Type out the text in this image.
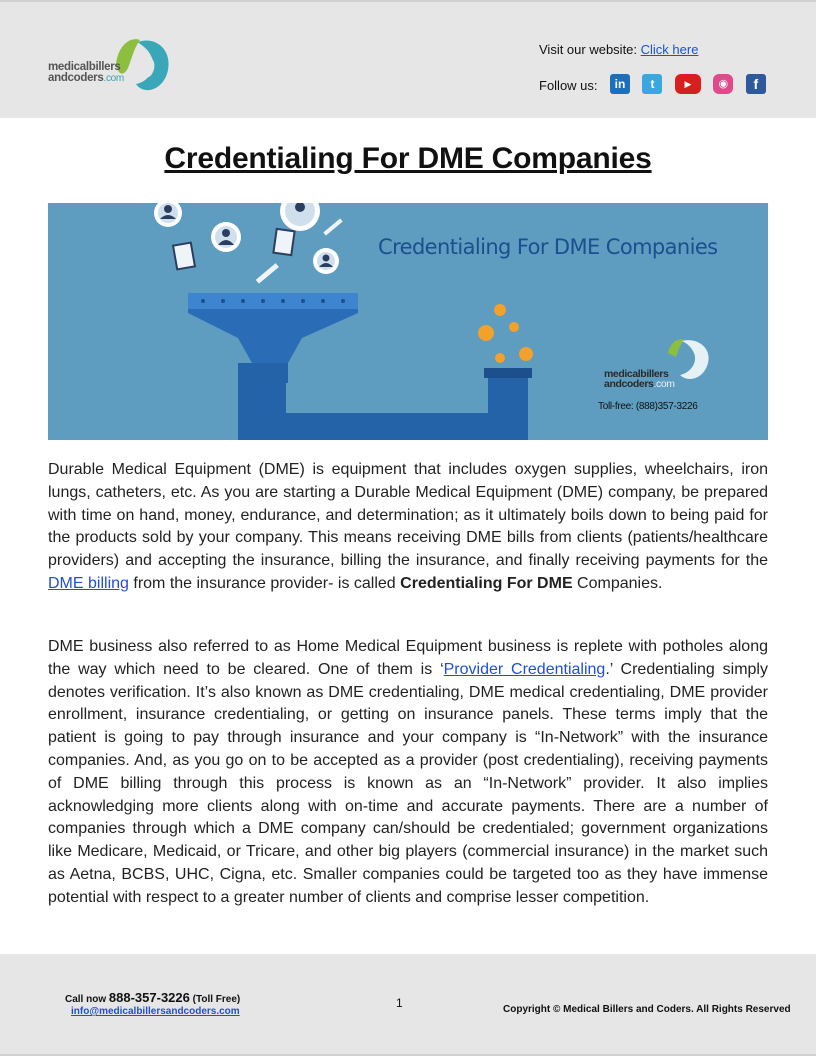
medicalbillers
andcoders.com
Visit our website: Click here
Follow us:	in t	▶ ◉ f
Credentialing For DME Companies
Credentialing For DME Companies
medicalbillers
andcoders.com
Toll-free: (888)357-3226

Durable Medical Equipment (DME) is equipment that includes oxygen supplies, wheelchairs, iron lungs, catheters, etc. As you are starting a Durable Medical Equipment (DME) company, be prepared with time on hand, money, endurance, and determination; as it ultimately boils down to being paid for the products sold by your company. This means receiving DME bills from clients (patients/healthcare providers) and accepting the insurance, billing the insurance, and finally receiving payments for the DME billing from the insurance provider- is called Credentialing For DME Companies.

DME business also referred to as Home Medical Equipment business is replete with potholes along the way which need to be cleared. One of them is ‘Provider Credentialing.’ Credentialing simply denotes verification. It’s also known as DME credentialing, DME medical credentialing, DME provider enrollment, insurance credentialing, or getting on insurance panels. These terms imply that the patient is going to pay through insurance and your company is “In-Network” with the insurance companies. And, as you go on to be accepted as a provider (post credentialing), receiving payments of DME billing through this process is known as an “In-Network” provider. It also implies acknowledging more clients along with on-time and accurate payments. There are a number of companies through which a DME company can/should be credentialed; government organizations like Medicare, Medicaid, or Tricare, and other big players (commercial insurance) in the market such as Aetna, BCBS, UHC, Cigna, etc. Smaller companies could be targeted too as they have immense potential with respect to a greater number of clients and comprise lesser competition.

Call now 888-357-3226 (Toll Free)
info@medicalbillersandcoders.com
1	Copyright © Medical Billers and Coders. All Rights Reserved
